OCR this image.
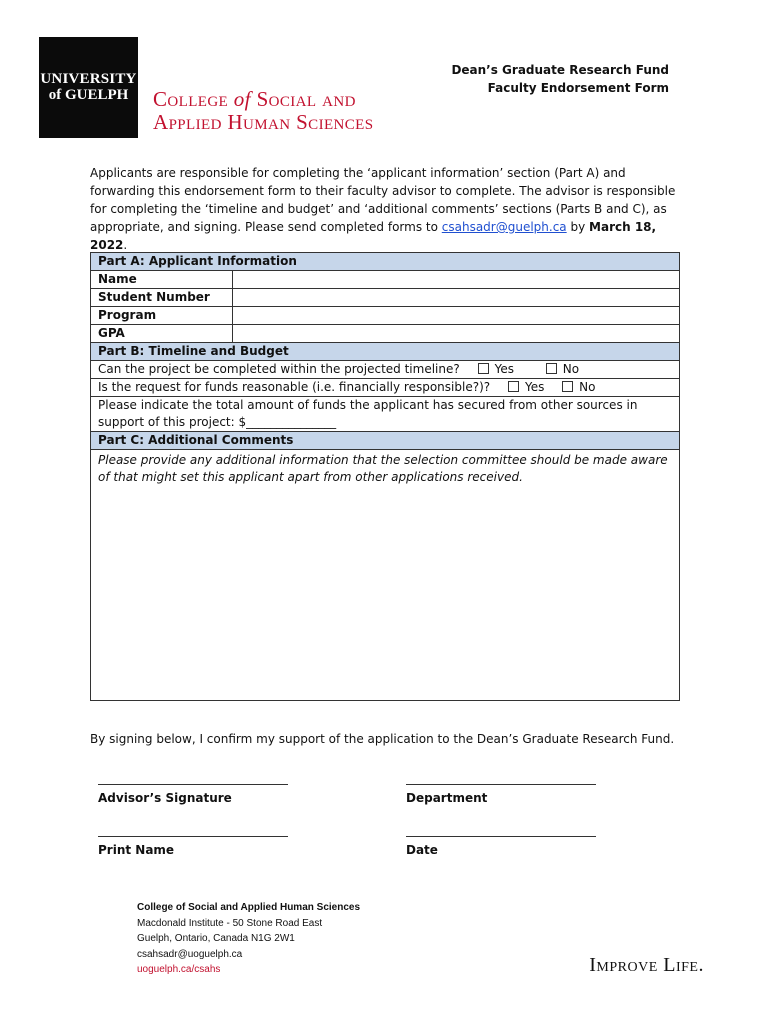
UNIVERSITY
of GUELPH	College of Social and
Applied Human Sciences
Dean’s Graduate Research Fund
Faculty Endorsement Form
Applicants are responsible for completing the ‘applicant information’ section (Part A) and forwarding this endorsement form to their faculty advisor to complete. The advisor is responsible for completing the ‘timeline and budget’ and ‘additional comments’ sections (Parts B and C), as appropriate, and signing. Please send completed forms to csahsadr@guelph.ca by March 18, 2022.
Part A: Applicant Information	
Name	
Student Number	
Program	
GPA	
Part B: Timeline and Budget	
Can the project be completed within the projected timeline? Yes No	
Is the request for funds reasonable (i.e. financially responsible?)? Yes No	
Please indicate the total amount of funds the applicant has secured from other sources in support of this project: $_______________	
Part C: Additional Comments	
Please provide any additional information that the selection committee should be made aware of that might set this applicant apart from other applications received.	
By signing below, I confirm my support of the application to the Dean’s Graduate Research Fund.
Advisor’s Signature	Department
Print Name	Date
College of Social and Applied Human Sciences
Macdonald Institute - 50 Stone Road East
Guelph, Ontario, Canada N1G 2W1
csahsadr@uoguelph.ca
uoguelph.ca/csahs	Improve Life.
